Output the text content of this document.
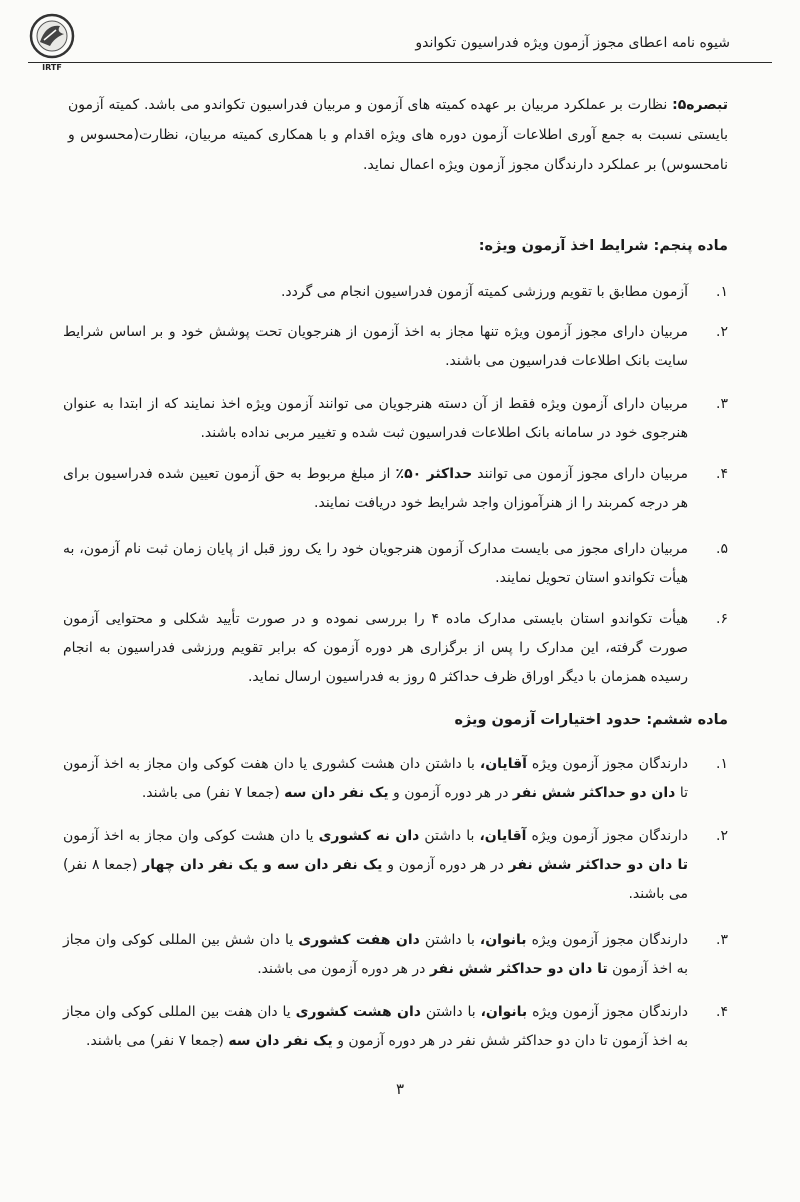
IRTF
شیوه نامه اعطای مجوز آزمون ویژه فدراسیون تکواندو
تبصره۵: نظارت بر عملکرد مربیان بر عهده کمیته های آزمون و مربیان فدراسیون تکواندو می باشد. کمیته آزمون بایستی نسبت به جمع آوری اطلاعات آزمون دوره های ویژه اقدام و با همکاری کمیته مربیان، نظارت(محسوس و نامحسوس) بر عملکرد دارندگان مجوز آزمون ویژه اعمال نماید.
ماده پنجم: شرایط اخذ آزمون ویژه:
۱.
آزمون مطابق با تقویم ورزشی کمیته آزمون فدراسیون انجام می گردد.
۲.
مربیان دارای مجوز آزمون ویژه تنها مجاز به اخذ آزمون از هنرجویان تحت پوشش خود و بر اساس شرایط سایت بانک اطلاعات فدراسیون می باشند.
۳.
مربیان دارای آزمون ویژه فقط از آن دسته هنرجویان می توانند آزمون ویژه اخذ نمایند که از ابتدا به عنوان هنرجوی خود در سامانه بانک اطلاعات فدراسیون ثبت شده و تغییر مربی نداده باشند.
۴.
مربیان دارای مجوز آزمون می توانند حداکثر ۵۰٪ از مبلغ مربوط به حق آزمون تعیین شده فدراسیون برای هر درجه کمربند را از هنرآموزان واجد شرایط خود دریافت نمایند.
۵.
مربیان دارای مجوز می بایست مدارک آزمون هنرجویان خود را یک روز قبل از پایان زمان ثبت نام آزمون، به هیأت تکواندو استان تحویل نمایند.
۶.
هیأت تکواندو استان بایستی مدارک ماده ۴ را بررسی نموده و در صورت تأیید شکلی و محتوایی آزمون صورت گرفته، این مدارک را پس از برگزاری هر دوره آزمون که برابر تقویم ورزشی فدراسیون به انجام رسیده همزمان با دیگر اوراق ظرف حداکثر ۵ روز به فدراسیون ارسال نماید.
ماده ششم: حدود اختیارات آزمون ویژه
۱.
دارندگان مجوز آزمون ویژه آقایان، با داشتن دان هشت کشوری یا دان هفت کوکی وان مجاز به اخذ آزمون تا دان دو حداکثر شش نفر در هر دوره آزمون و یک نفر دان سه (جمعا ۷ نفر) می باشند.
۲.
دارندگان مجوز آزمون ویژه آقایان، با داشتن دان نه کشوری یا دان هشت کوکی وان مجاز به اخذ آزمون تا دان دو حداکثر شش نفر در هر دوره آزمون و یک نفر دان سه و یک نفر دان چهار (جمعا ۸ نفر) می باشند.
۳.
دارندگان مجوز آزمون ویژه بانوان، با داشتن دان هفت کشوری یا دان شش بین المللی کوکی وان مجاز به اخذ آزمون تا دان دو حداکثر شش نفر در هر دوره آزمون می باشند.
۴.
دارندگان مجوز آزمون ویژه بانوان، با داشتن دان هشت کشوری یا دان هفت بین المللی کوکی وان مجاز به اخذ آزمون تا دان دو حداکثر شش نفر در هر دوره آزمون و یک نفر دان سه (جمعا ۷ نفر) می باشند.
۳
